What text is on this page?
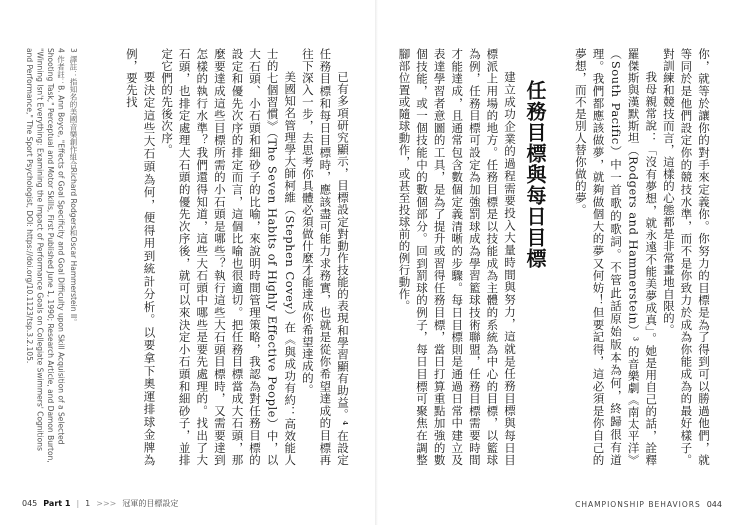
你，就等於讓你的對手來定義你。你努力的目標是為了得到可以勝過他們，就等同於是他們設定你的競技水準，而不是你致力於成為你能成為的最好樣子。對訓練和競技而言，這樣的心態都是非常畫地自限的。

我母親常說：「沒有夢想，就永遠不能美夢成真」。她是用自己的話，詮釋羅傑斯與漢默斯坦（Rodgers and Hammerstein）³ 的音樂劇《南太平洋》（South Pacific）中一首歌的歌詞。不管此話原始版本為何，終歸很有道理。我們都應該做夢，就夠做個大的夢又何妨！但要記得，這必須是你自己的夢想，而不是別人替你做的夢。

任務目標與每日目標

建立成功企業的過程需要投入大量時間與努力，這就是任務目標與每日目標派上用場的地方。任務目標是以技能成為主體的系統為中心的目標，以籃球為例，任務目標可設定為加強罰球成為學習籃球技術聯盟，任務目標需要時間才能達成，且通常包含數個定義清晰的步驟。每日目標則是通過日常中建立及表達學習者意圖的工具，是為了提升或習得任務目標，當日打算重點加強的數個技能，或一個技能中的數個部分。回到罰球的例子，每日目標可聚焦在調整腳部位置或隨球動作，或甚至投球前的例行動作。

CHAMPIONSHIP BEHAVIORS 044

已有多項研究顯示，目標設定對動作技能的表現和學習顯有助益。⁴ 在設定任務目標和每日目標時，應該盡可能力求務實，也就是從你希望達成的目標再往下深入一步，去思考你具體必須做什麼才能達成你希望達成的。

美國知名管理學大師柯維（Stephen Covey）在《與成功有約：高效能人士的七個習慣》（The Seven Habits of Highly Effective People）中，以大石頭、小石頭和細砂子的比喻，來說明時間管理策略，我認為對任務目標的設定和優先次序的排定而言，這個比喻也很適切。把任務目標當成大石頭，那麼要達成這些目標所需的小石頭是哪些？執行這些大石頭目標時，又需要達到怎樣的執行水準？我們還得知道，這些大石頭中哪些是要先處理的。找出了大石頭，也排定處理大石頭的優先次序後，就可以來決定小石頭和細砂子，並排定它們的先後次序。

要決定這些大石頭為何，便得用到統計分析。以要拿下奧運排球金牌為例，要先找

3 譯註：指知名的美國音樂創作組合Richard Rodgers和Oscar Hammerstein II。
4 作者註：B. Ann Boyce, "Effects of Goal Specificity and Goal Difficulty upon Skill Acquisition of a Selected Shooting Task," Perceptual and Motor Skills, First Published June 1, 1990; Research Article, and Damon Burton, "Winning Isn't Everything: Examining the Impact of Performance Goals on Collegiate Swimmers' Cognitions and Performance," The Sport Psychologist, DOI: https://doi.org/10.1123/tsp.3.2.105.
045 Part 1 | 1 >>> 冠軍的目標設定
